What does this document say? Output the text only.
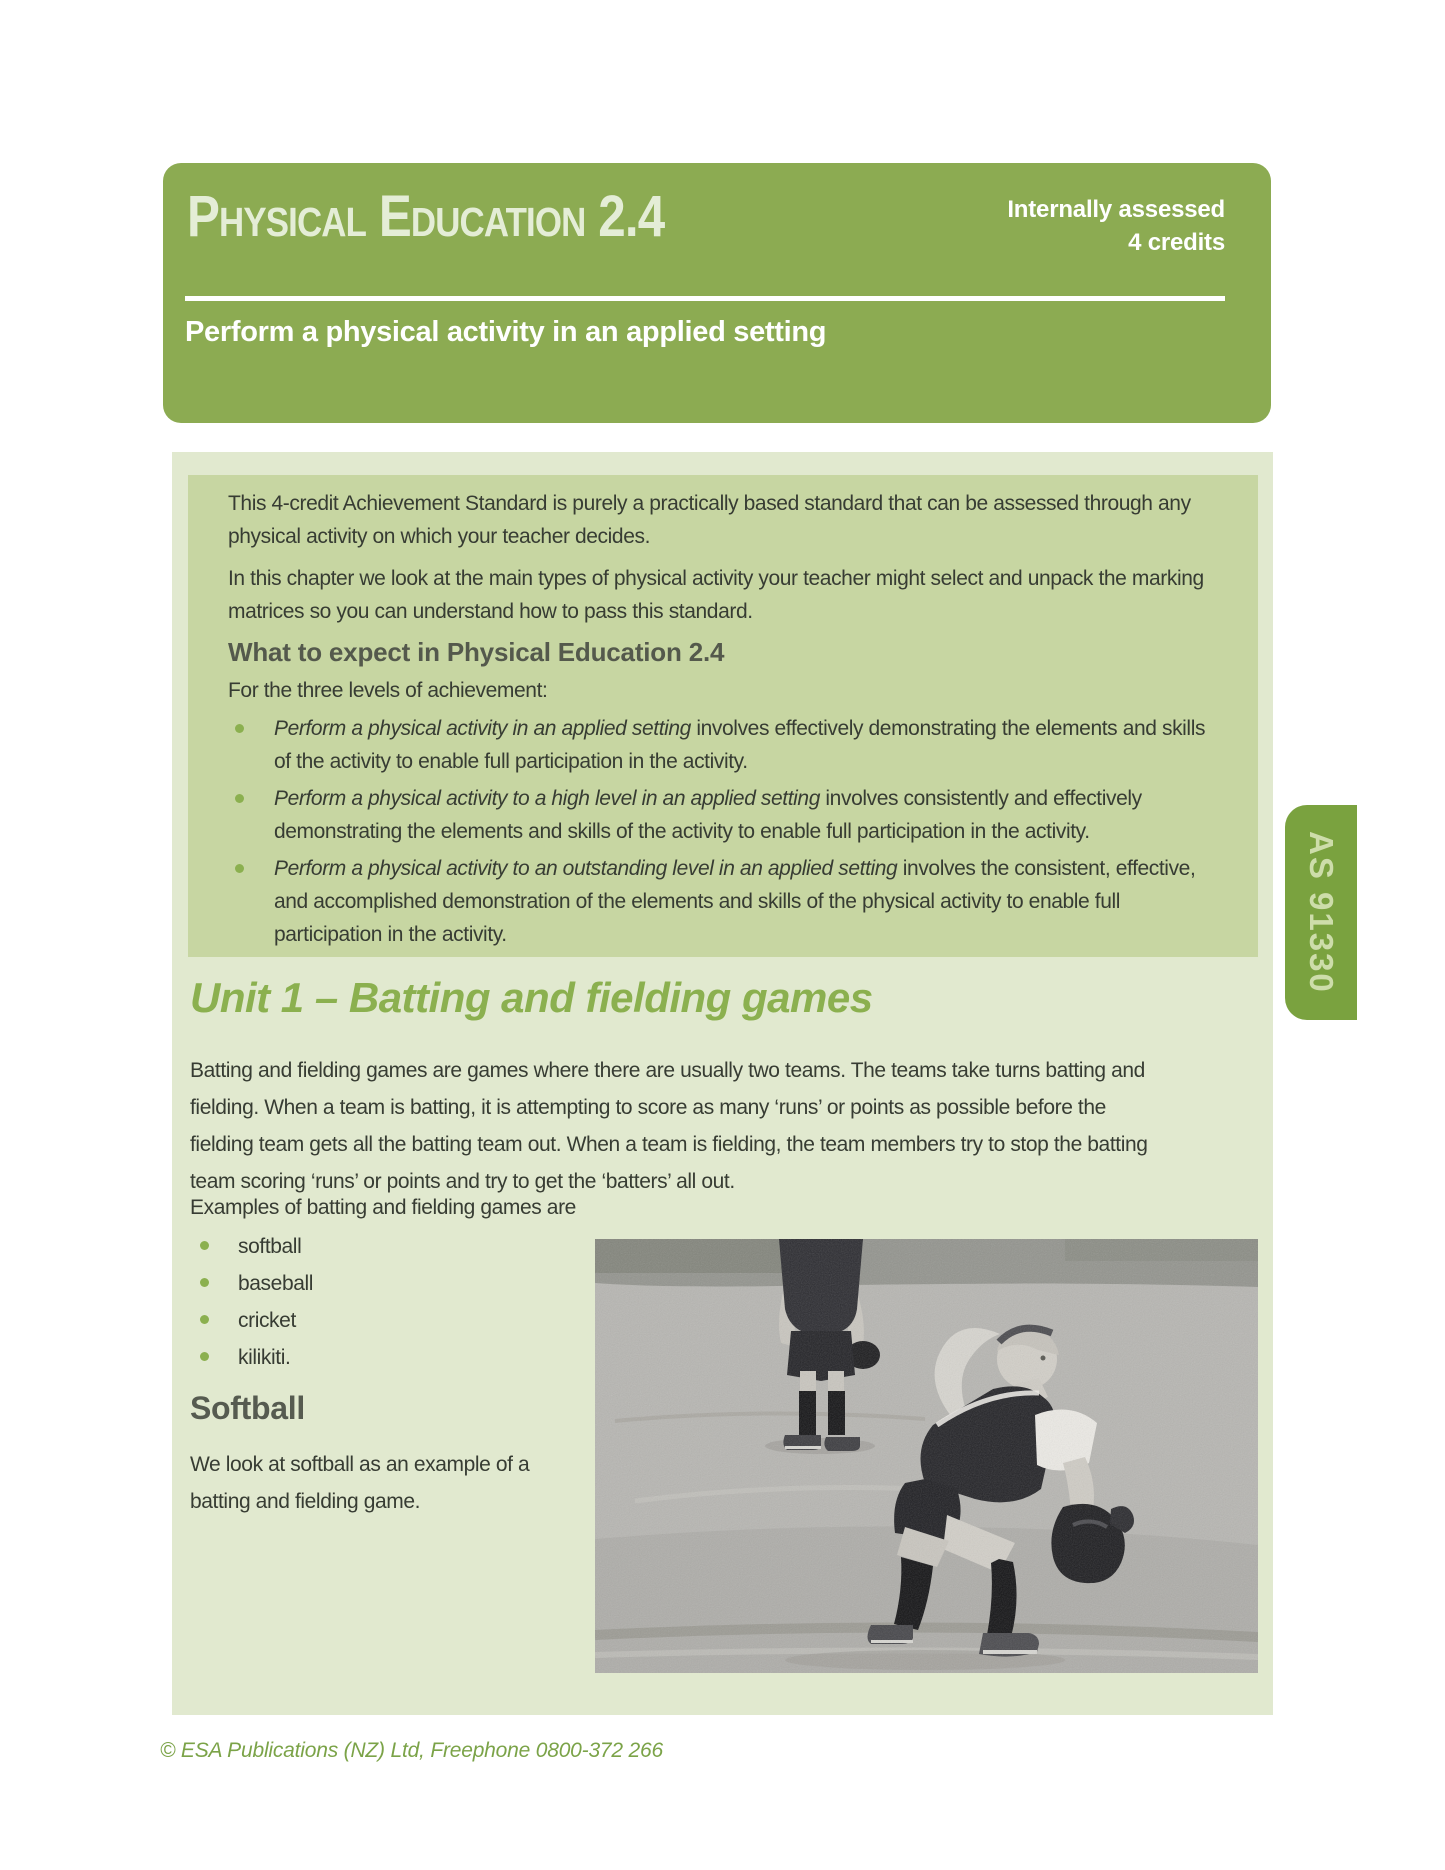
Physical Education 2.4	Internally assessed
4 credits
Perform a physical activity in an applied setting
AS 91330

This 4-credit Achievement Standard is purely a practically based standard that can be assessed through any physical activity on which your teacher decides.

In this chapter we look at the main types of physical activity your teacher might select and unpack the marking matrices so you can understand how to pass this standard.

What to expect in Physical Education 2.4

For the three levels of achievement:

Perform a physical activity in an applied setting involves effectively demonstrating the elements and skills of the activity to enable full participation in the activity.
Perform a physical activity to a high level in an applied setting involves consistently and effectively demonstrating the elements and skills of the activity to enable full participation in the activity.
Perform a physical activity to an outstanding level in an applied setting involves the consistent, effective, and accomplished demonstration of the elements and skills of the physical activity to enable full participation in the activity.
Unit 1 – Batting and fielding games
Batting and fielding games are games where there are usually two teams. The teams take turns batting and fielding. When a team is batting, it is attempting to score as many ‘runs’ or points as possible before the fielding team gets all the batting team out. When a team is fielding, the team members try to stop the batting team scoring ‘runs’ or points and try to get the ‘batters’ all out.
Examples of batting and fielding games are
softball
baseball
cricket
kilikiti.
Softball
We look at softball as an example of a batting and fielding game.
© ESA Publications (NZ) Ltd, Freephone 0800-372 266
